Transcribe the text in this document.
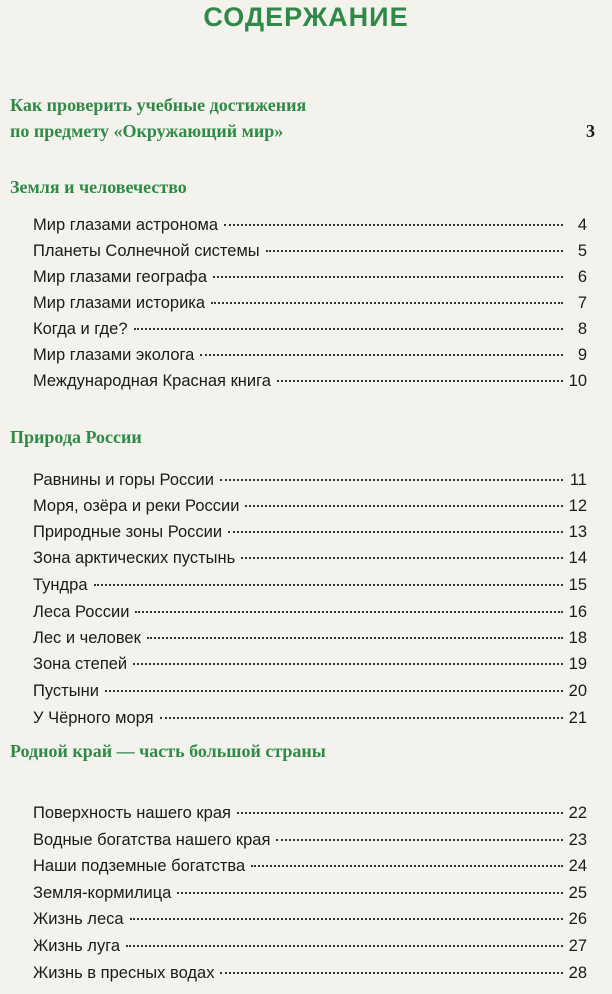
СОДЕРЖАНИЕ
Как проверить учебные достижения
по предмету «Окружающий мир»	3
Земля и человечество
Мир глазами астронома	4
Планеты Солнечной системы	5
Мир глазами географа	6
Мир глазами историка	7
Когда и где?	8
Мир глазами эколога	9
Международная Красная книга	10
Природа России
Равнины и горы России	11
Моря, озёра и реки России	12
Природные зоны России	13
Зона арктических пустынь	14
Тундра	15
Леса России	16
Лес и человек	18
Зона степей	19
Пустыни	20
У Чёрного моря	21
Родной край — часть большой страны
Поверхность нашего края	22
Водные богатства нашего края	23
Наши подземные богатства	24
Земля-кормилица	25
Жизнь леса	26
Жизнь луга	27
Жизнь в пресных водах	28
